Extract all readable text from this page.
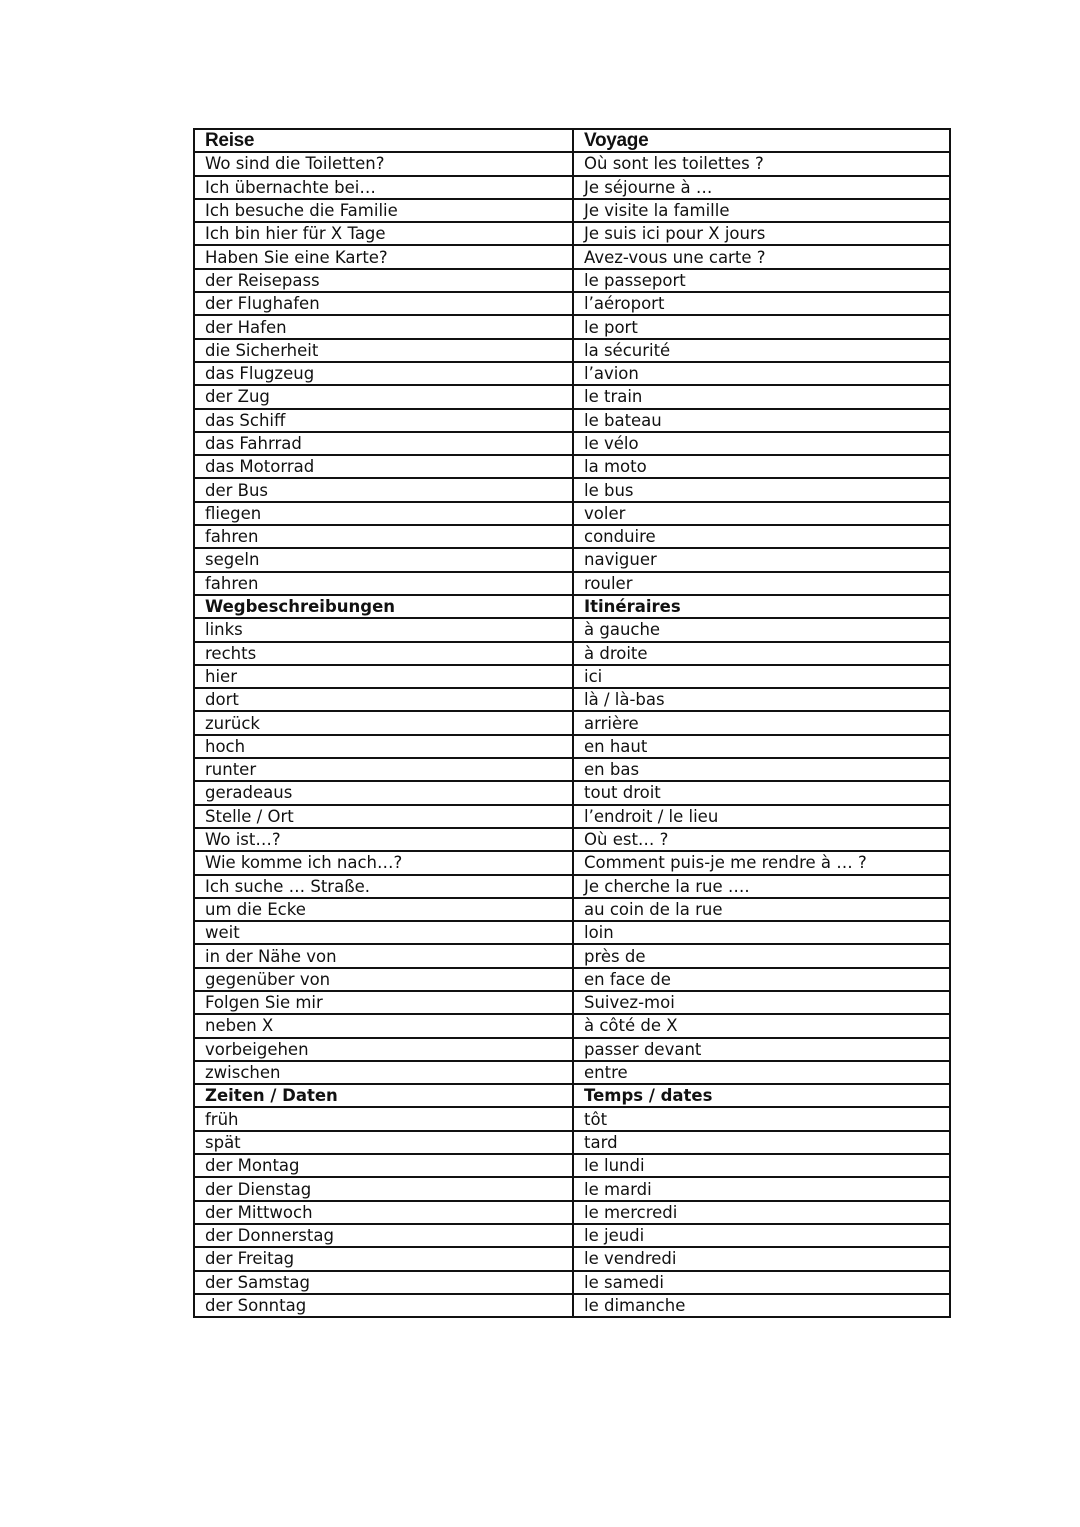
Reise	Voyage
Wo sind die Toiletten?	Où sont les toilettes ?
Ich übernachte bei…	Je séjourne à …
Ich besuche die Familie	Je visite la famille
Ich bin hier für X Tage	Je suis ici pour X jours
Haben Sie eine Karte?	Avez-vous une carte ?
der Reisepass	le passeport
der Flughafen	l’aéroport
der Hafen	le port
die Sicherheit	la sécurité
das Flugzeug	l’avion
der Zug	le train
das Schiff	le bateau
das Fahrrad	le vélo
das Motorrad	la moto
der Bus	le bus
fliegen	voler
fahren	conduire
segeln	naviguer
fahren	rouler
Wegbeschreibungen	Itinéraires
links	à gauche
rechts	à droite
hier	ici
dort	là / là-bas
zurück	arrière
hoch	en haut
runter	en bas
geradeaus	tout droit
Stelle / Ort	l’endroit / le lieu
Wo ist…?	Où est… ?
Wie komme ich nach…?	Comment puis-je me rendre à … ?
Ich suche … Straße.	Je cherche la rue ….
um die Ecke	au coin de la rue
weit	loin
in der Nähe von	près de
gegenüber von	en face de
Folgen Sie mir	Suivez-moi
neben X	à côté de X
vorbeigehen	passer devant
zwischen	entre
Zeiten / Daten	Temps / dates
früh	tôt
spät	tard
der Montag	le lundi
der Dienstag	le mardi
der Mittwoch	le mercredi
der Donnerstag	le jeudi
der Freitag	le vendredi
der Samstag	le samedi
der Sonntag	le dimanche
